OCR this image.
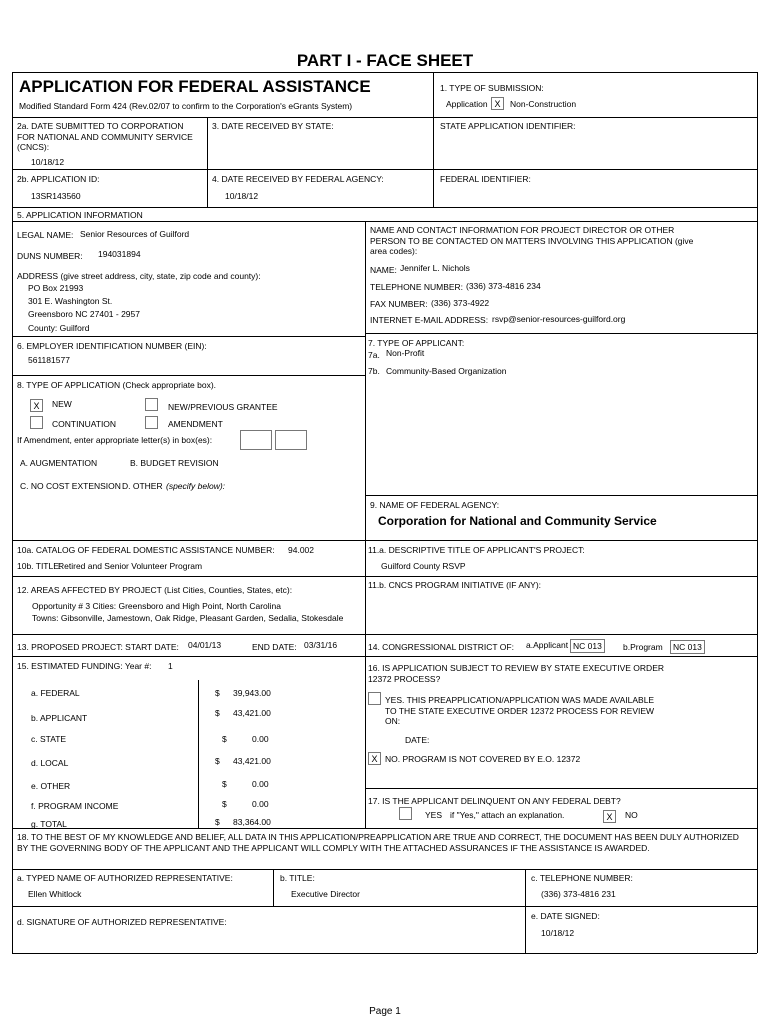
PART I - FACE SHEET
APPLICATION FOR FEDERAL ASSISTANCE
Modified Standard Form 424 (Rev.02/07 to confirm to the Corporation's eGrants System)
1. TYPE OF SUBMISSION:
Application X	Non-Construction
2a. DATE SUBMITTED TO CORPORATION FOR NATIONAL AND COMMUNITY SERVICE (CNCS):
10/18/12
3. DATE RECEIVED BY STATE:	STATE APPLICATION IDENTIFIER:
2b. APPLICATION ID:
13SR143560
4. DATE RECEIVED BY FEDERAL AGENCY:
10/18/12
FEDERAL IDENTIFIER:
5. APPLICATION INFORMATION
LEGAL NAME: Senior Resources of Guilford
DUNS NUMBER: 194031894
ADDRESS (give street address, city, state, zip code and county):
PO Box 21993
301 E. Washington St.
Greensboro NC 27401 - 2957
County: Guilford
NAME AND CONTACT INFORMATION FOR PROJECT DIRECTOR OR OTHER PERSON TO BE CONTACTED ON MATTERS INVOLVING THIS APPLICATION (give area codes):
NAME: Jennifer L. Nichols
TELEPHONE NUMBER: (336) 373-4816 234
FAX NUMBER: (336) 373-4922
INTERNET E-MAIL ADDRESS: rsvp@senior-resources-guilford.org
6. EMPLOYER IDENTIFICATION NUMBER (EIN):
561181577
7. TYPE OF APPLICANT:
7a. Non-Profit
7b. Community-Based Organization
8. TYPE OF APPLICATION (Check appropriate box).
X	NEW	NEW/PREVIOUS GRANTEE
CONTINUATION	AMENDMENT
If Amendment, enter appropriate letter(s) in box(es):
A. AUGMENTATION	B. BUDGET REVISION
C. NO COST EXTENSION D. OTHER (specify below):
9. NAME OF FEDERAL AGENCY:
Corporation for National and Community Service
10a. CATALOG OF FEDERAL DOMESTIC ASSISTANCE NUMBER: 94.002
10b. TITLE:
Retired and Senior Volunteer Program
11.a. DESCRIPTIVE TITLE OF APPLICANT'S PROJECT:
Guilford County RSVP
12. AREAS AFFECTED BY PROJECT (List Cities, Counties, States, etc):
Opportunity # 3 Cities: Greensboro and High Point, North Carolina
Towns: Gibsonville, Jamestown, Oak Ridge, Pleasant Garden, Sedalia, Stokesdale
11.b. CNCS PROGRAM INITIATIVE (IF ANY):
13. PROPOSED PROJECT: START DATE: 04/01/13	END DATE: 03/31/16	14. CONGRESSIONAL DISTRICT OF: a.Applicant NC 013	b.Program	NC 013
15. ESTIMATED FUNDING: Year #: 1
a. FEDERAL	$ 39,943.00
b. APPLICANT	$ 43,421.00
c. STATE	$	0.00
d. LOCAL	$ 43,421.00
e. OTHER	$	0.00
f. PROGRAM INCOME	$	0.00
g. TOTAL	$ 83,364.00
16. IS APPLICATION SUBJECT TO REVIEW BY STATE EXECUTIVE ORDER 12372 PROCESS?
YES. THIS PREAPPLICATION/APPLICATION WAS MADE AVAILABLE TO THE STATE EXECUTIVE ORDER 12372 PROCESS FOR REVIEW ON:
DATE:
X NO. PROGRAM IS NOT COVERED BY E.O. 12372
17. IS THE APPLICANT DELINQUENT ON ANY FEDERAL DEBT?
YES if "Yes," attach an explanation.	X	NO
18. TO THE BEST OF MY KNOWLEDGE AND BELIEF, ALL DATA IN THIS APPLICATION/PREAPPLICATION ARE TRUE AND CORRECT, THE DOCUMENT HAS BEEN DULY AUTHORIZED BY THE GOVERNING BODY OF THE APPLICANT AND THE APPLICANT WILL COMPLY WITH THE ATTACHED ASSURANCES IF THE ASSISTANCE IS AWARDED.
a. TYPED NAME OF AUTHORIZED REPRESENTATIVE:
Ellen Whitlock
b. TITLE:
Executive Director
c. TELEPHONE NUMBER:
(336) 373-4816 231
d. SIGNATURE OF AUTHORIZED REPRESENTATIVE:
e. DATE SIGNED:
10/18/12
Page 1
